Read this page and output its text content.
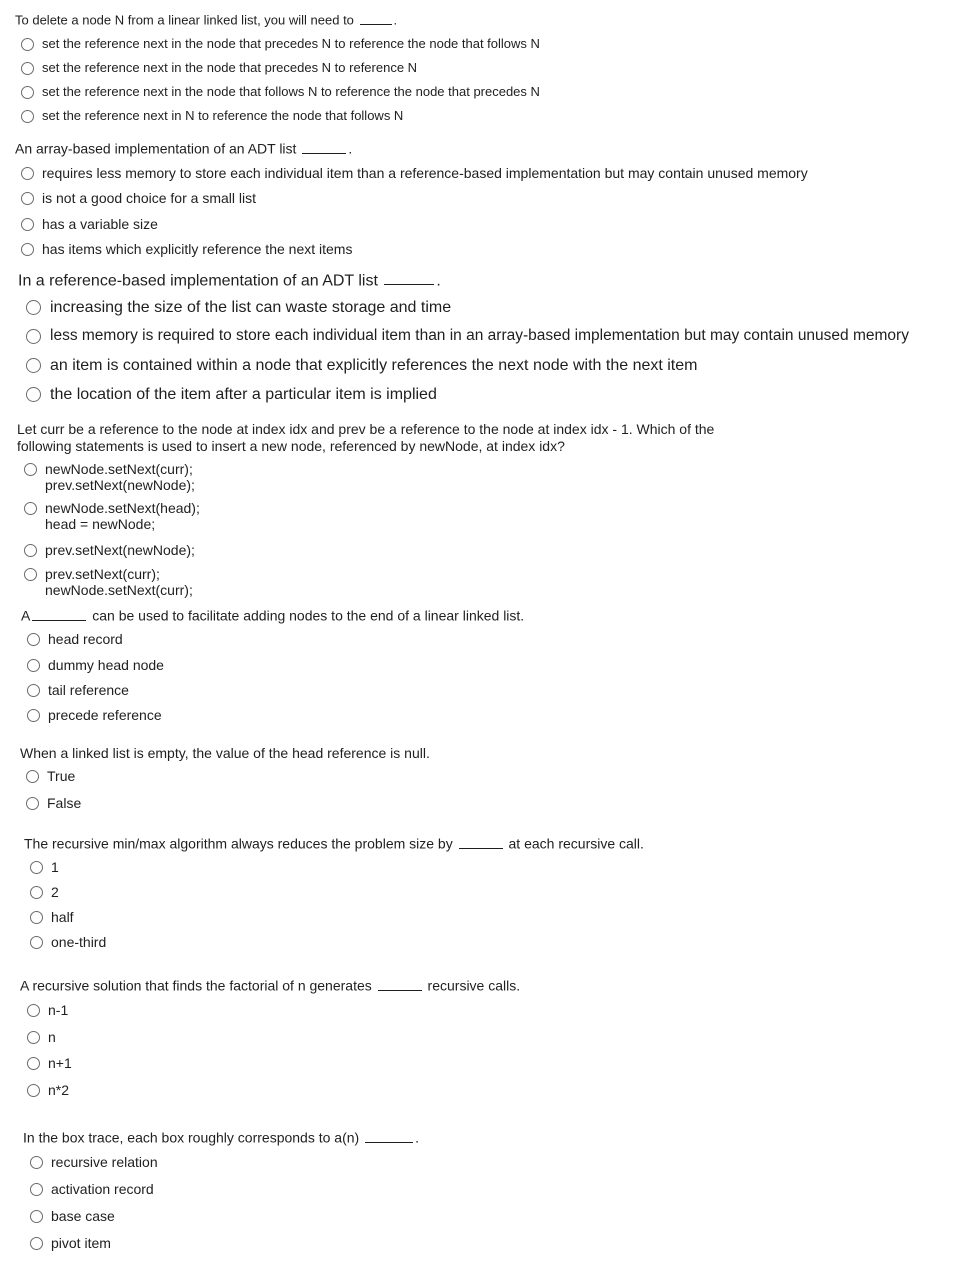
To delete a node N from a linear linked list, you will need to	.
set the reference next in the node that precedes N to reference the node that follows N
set the reference next in the node that precedes N to reference N
set the reference next in the node that follows N to reference the node that precedes N
set the reference next in N to reference the node that follows N
An array-based implementation of an ADT list	.
requires less memory to store each individual item than a reference-based implementation but may contain unused memory
is not a good choice for a small list
has a variable size
has items which explicitly reference the next items
In a reference-based implementation of an ADT list	.
increasing the size of the list can waste storage and time
less memory is required to store each individual item than in an array-based implementation but may contain unused memory
an item is contained within a node that explicitly references the next node with the next item
the location of the item after a particular item is implied
Let curr be a reference to the node at index idx and prev be a reference to the node at index idx - 1. Which of the
following statements is used to insert a new node, referenced by newNode, at index idx?
newNode.setNext(curr);
prev.setNext(newNode);
newNode.setNext(head);
head = newNode;
prev.setNext(newNode);
prev.setNext(curr);
newNode.setNext(curr);
A	can be used to facilitate adding nodes to the end of a linear linked list.
head record
dummy head node
tail reference
precede reference
When a linked list is empty, the value of the head reference is null.
True
False
The recursive min/max algorithm always reduces the problem size by	at each recursive call.
1
2
half
one-third
A recursive solution that finds the factorial of n generates	recursive calls.
n-1
n
n+1
n*2
In the box trace, each box roughly corresponds to a(n)	.
recursive relation
activation record
base case
pivot item
